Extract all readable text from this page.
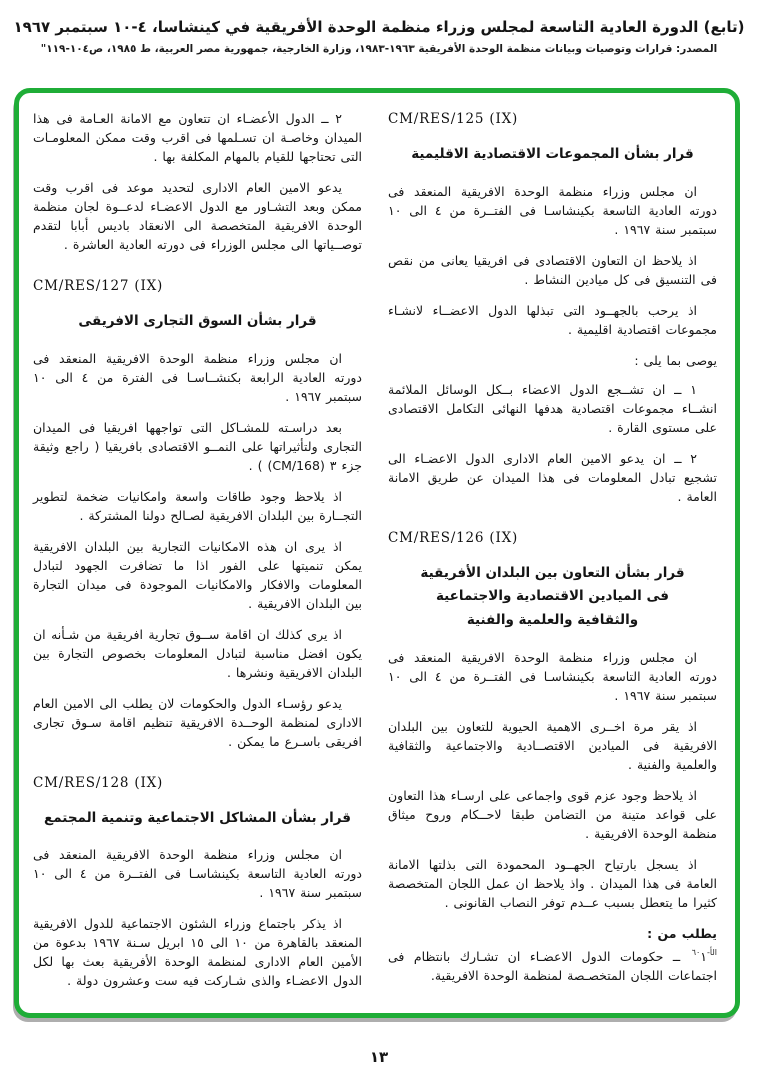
(تابع) الدورة العادية التاسعة لمجلس وزراء منظمة الوحدة الأفريقية في كينشاسا، ٤-١٠ سبتمبر ١٩٦٧
المصدر: قرارات وتوصيات وبيانات منظمة الوحدة الأفريقية ١٩٦٣-١٩٨٣، وزارة الخارجية، جمهورية مصر العربية، ط ١٩٨٥، ص١٠٤-١١٩"
CM/RES/125 (IX)
قرار بشأن المجموعات الاقتصادية الاقليمية

ان مجلس وزراء منظمة الوحدة الافريقية المنعقد فى دورته العادية التاسعة بكينشاسـا فى الفتــرة من ٤ الى ١٠ سبتمبر سنة ١٩٦٧ .

اذ يلاحظ ان التعاون الاقتصادى فى افريقيا يعانى من نقص فى التنسيق فى كل ميادين النشاط .

اذ يرحب بالجهــود التى تبذلها الدول الاعضــاء لانشـاء مجموعات اقتصادية اقليمية .

يوصى بما يلى :

١ ــ ان تشــجع الدول الاعضاء بــكل الوسائل الملائمة انشــاء مجموعات اقتصادية هدفها النهائى التكامل الاقتصادى على مستوى القارة .

٢ ــ ان يدعو الامين العام الادارى الدول الاعضـاء الى تشجيع تبادل المعلومات فى هذا الميدان عن طريق الامانة العامة .

CM/RES/126 (IX)
قرار بشأن التعاون بين البلدان الأفريقية
فى الميادين الاقتصادية والاجتماعية
والثقافية والعلمية والفنية

ان مجلس وزراء منظمة الوحدة الافريقية المنعقد فى دورته العادية التاسعة بكينشاسـا فى الفتــرة من ٤ الى ١٠ سبتمبر سنة ١٩٦٧ .

اذ يقر مرة اخــرى الاهمية الحيوية للتعاون بين البلدان الافريقية فى الميادين الاقتصــادية والاجتماعية والثقافية والعلمية والفنية .

اذ يلاحظ وجود عزم قوى واجماعى على ارسـاء هذا التعاون على قواعد متينة من التضامن طبقا لاحــكام وروح ميثاق منظمة الوحدة الافريقية .

اذ يسجل بارتياح الجهــود المحمودة التى بذلتها الامانة العامة فى هذا الميدان . واذ يلاحظ ان عمل اللجان المتخصصة كثيرا ما يتعطل بسبب عــدم توفر النصاب القانونى .

يطلب من :

$^{الأ-٦٠}$١ ــ حكومات الدول الاعضـاء ان تشـارك بانتظام فى اجتماعات اللجان المتخصـصة لمنظمة الوحدة الافريقية.

٢ ــ الدول الأعضـاء ان تتعاون مع الامانة العـامة فى هذا الميدان وخاصـة ان تسـلمها فى اقرب وقت ممكن المعلومـات التى تحتاجها للقيام بالمهام المكلفة بها .

يدعو الامين العام الادارى لتحديد موعد فى اقرب وقت ممكن وبعد التشـاور مع الدول الاعضـاء لدعــوة لجان منظمة الوحدة الافريقية المتخصصة الى الانعقاد باديس أبابا لتقدم توصــياتها الى مجلس الوزراء فى دورته العادية العاشرة .

CM/RES/127 (IX)
قرار بشأن السوق التجارى الافريقى

ان مجلس وزراء منظمة الوحدة الافريقية المنعقد فى دورته العادية الرابعة بكنشــاسـا فى الفترة من ٤ الى ١٠ سبتمبر ١٩٦٧ .

بعد دراسـته للمشـاكل التى تواجهها افريقيا فى الميدان التجارى ولتأثيراتها على النمــو الاقتصادى بافريقيا ( راجع وثيقة جزء ٣ (CM/168) ) .

اذ يلاحظ وجود طاقات واسعة وامكانيات ضخمة لتطوير التجــارة بين البلدان الافريقية لصـالح دولنا المشتركة .

اذ يرى ان هذه الامكانيات التجارية بين البلدان الافريقية يمكن تنميتها على الفور اذا ما تضافرت الجهود لتبادل المعلومات والافكار والامكانيات الموجودة فى ميدان التجارة بين البلدان الافريقية .

اذ يرى كذلك ان اقامة ســوق تجارية افريقية من شـأنه ان يكون افضل مناسبة لتبادل المعلومات بخصوص التجارة بين البلدان الافريقية ونشرها .

يدعو رؤسـاء الدول والحكومات لان يطلب الى الامين العام الادارى لمنظمة الوحــدة الافريقية تنظيم اقامة سـوق تجارى افريقى باسـرع ما يمكن .

CM/RES/128 (IX)
قرار بشأن المشاكل الاجتماعية وتنمية المجتمع

ان مجلس وزراء منظمة الوحدة الافريقية المنعقد فى دورته العادية التاسعة بكينشاسـا فى الفتــرة من ٤ الى ١٠ سبتمبر سنة ١٩٦٧ .

اذ يذكر باجتماع وزراء الشئون الاجتماعية للدول الافريقية المنعقد بالقاهرة من ١٠ الى ١٥ ابريل سـنة ١٩٦٧ بدعوة من الأمين العام الادارى لمنظمة الوحدة الأفريقية بعث بها لكل الدول الاعضـاء والذى شـاركت فيه ست وعشرون دولة .

١٣
